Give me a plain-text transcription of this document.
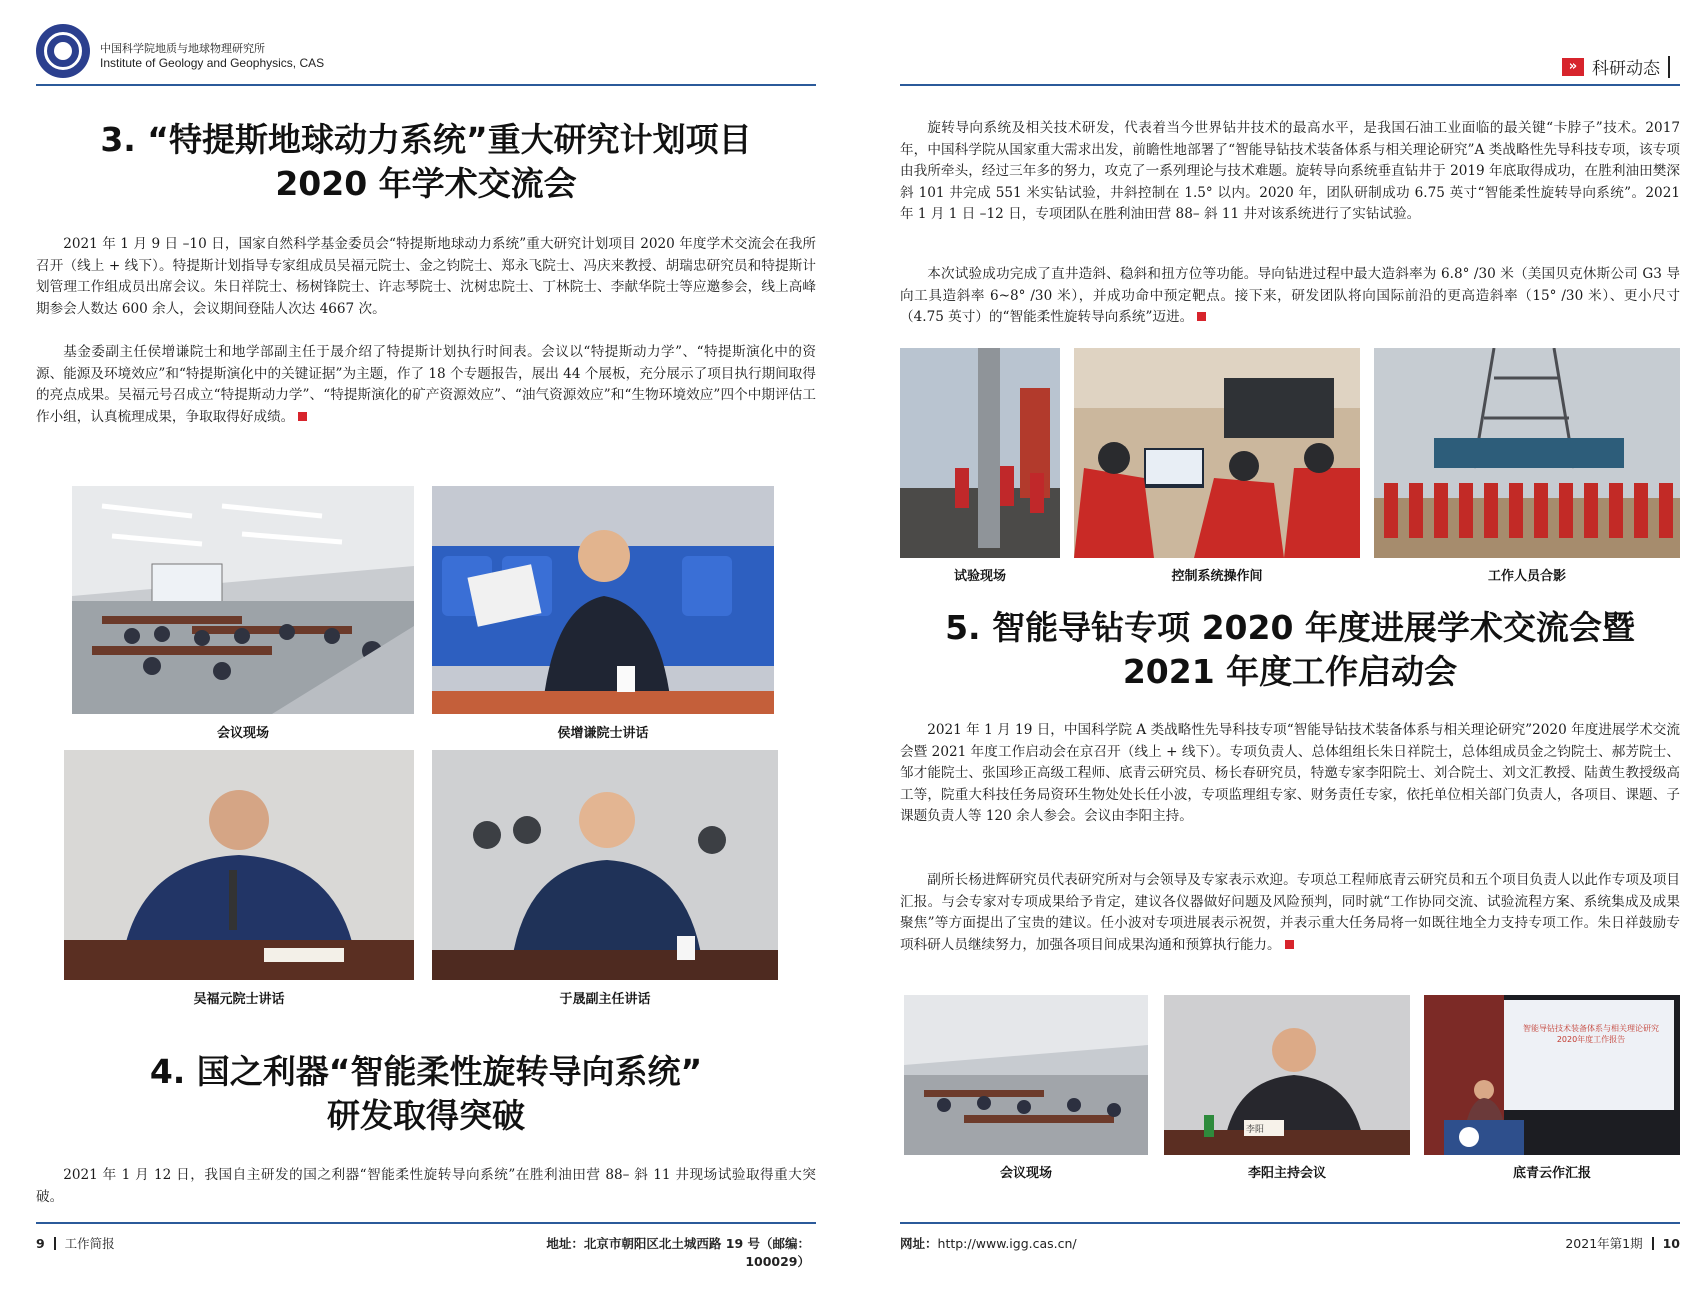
中国科学院地质与地球物理研究所
Institute of Geology and Geophysics, CAS
3. “特提斯地球动力系统”重大研究计划项目
2020 年学术交流会

2021 年 1 月 9 日 –10 日，国家自然科学基金委员会“特提斯地球动力系统”重大研究计划项目 2020 年度学术交流会在我所召开（线上 + 线下）。特提斯计划指导专家组成员吴福元院士、金之钧院士、郑永飞院士、冯庆来教授、胡瑞忠研究员和特提斯计划管理工作组成员出席会议。朱日祥院士、杨树锋院士、许志琴院士、沈树忠院士、丁林院士、李献华院士等应邀参会，线上高峰期参会人数达 600 余人，会议期间登陆人次达 4667 次。

基金委副主任侯增谦院士和地学部副主任于晟介绍了特提斯计划执行时间表。会议以“特提斯动力学”、“特提斯演化中的资源、能源及环境效应”和“特提斯演化中的关键证据”为主题，作了 18 个专题报告，展出 44 个展板，充分展示了项目执行期间取得的亮点成果。吴福元号召成立“特提斯动力学”、“特提斯演化的矿产资源效应”、“油气资源效应”和“生物环境效应”四个中期评估工作小组，认真梳理成果，争取取得好成绩。

会议现场	侯增谦院士讲话
吴福元院士讲话	于晟副主任讲话
4. 国之利器“智能柔性旋转导向系统”
研发取得突破

2021 年 1 月 12 日，我国自主研发的国之利器“智能柔性旋转导向系统”在胜利油田营 88– 斜 11 井现场试验取得重大突破。

9 工作简报	地址：北京市朝阳区北土城西路 19 号（邮编：100029）
» 科研动态

旋转导向系统及相关技术研发，代表着当今世界钻井技术的最高水平，是我国石油工业面临的最关键“卡脖子”技术。2017 年，中国科学院从国家重大需求出发，前瞻性地部署了“智能导钻技术装备体系与相关理论研究”A 类战略性先导科技专项，该专项由我所牵头，经过三年多的努力，攻克了一系列理论与技术难题。旋转导向系统垂直钻井于 2019 年底取得成功，在胜利油田樊深斜 101 井完成 551 米实钻试验，井斜控制在 1.5° 以内。2020 年，团队研制成功 6.75 英寸“智能柔性旋转导向系统”。2021 年 1 月 1 日 –12 日，专项团队在胜利油田营 88– 斜 11 井对该系统进行了实钻试验。

本次试验成功完成了直井造斜、稳斜和扭方位等功能。导向钻进过程中最大造斜率为 6.8° /30 米（美国贝克休斯公司 G3 导向工具造斜率 6~8° /30 米），并成功命中预定靶点。接下来，研发团队将向国际前沿的更高造斜率（15° /30 米）、更小尺寸（4.75 英寸）的“智能柔性旋转导向系统”迈进。

试验现场	控制系统操作间	工作人员合影
5. 智能导钻专项 2020 年度进展学术交流会暨
2021 年度工作启动会

2021 年 1 月 19 日，中国科学院 A 类战略性先导科技专项“智能导钻技术装备体系与相关理论研究”2020 年度进展学术交流会暨 2021 年度工作启动会在京召开（线上 + 线下）。专项负责人、总体组组长朱日祥院士，总体组成员金之钧院士、郝芳院士、邹才能院士、张国珍正高级工程师、底青云研究员、杨长春研究员，特邀专家李阳院士、刘合院士、刘文汇教授、陆黄生教授级高工等，院重大科技任务局资环生物处处长任小波，专项监理组专家、财务责任专家，依托单位相关部门负责人，各项目、课题、子课题负责人等 120 余人参会。会议由李阳主持。

副所长杨进辉研究员代表研究所对与会领导及专家表示欢迎。专项总工程师底青云研究员和五个项目负责人以此作专项及项目汇报。与会专家对专项成果给予肯定，建议各仪器做好问题及风险预判，同时就“工作协同交流、试验流程方案、系统集成及成果聚焦”等方面提出了宝贵的建议。任小波对专项进展表示祝贺，并表示重大任务局将一如既往地全力支持专项工作。朱日祥鼓励专项科研人员继续努力，加强各项目间成果沟通和预算执行能力。

会议现场
李阳
李阳主持会议
智能导钻技术装备体系与相关理论研究 2020年度工作报告
底青云作汇报
网址：http://www.igg.cas.cn/	2021年第1期 10
